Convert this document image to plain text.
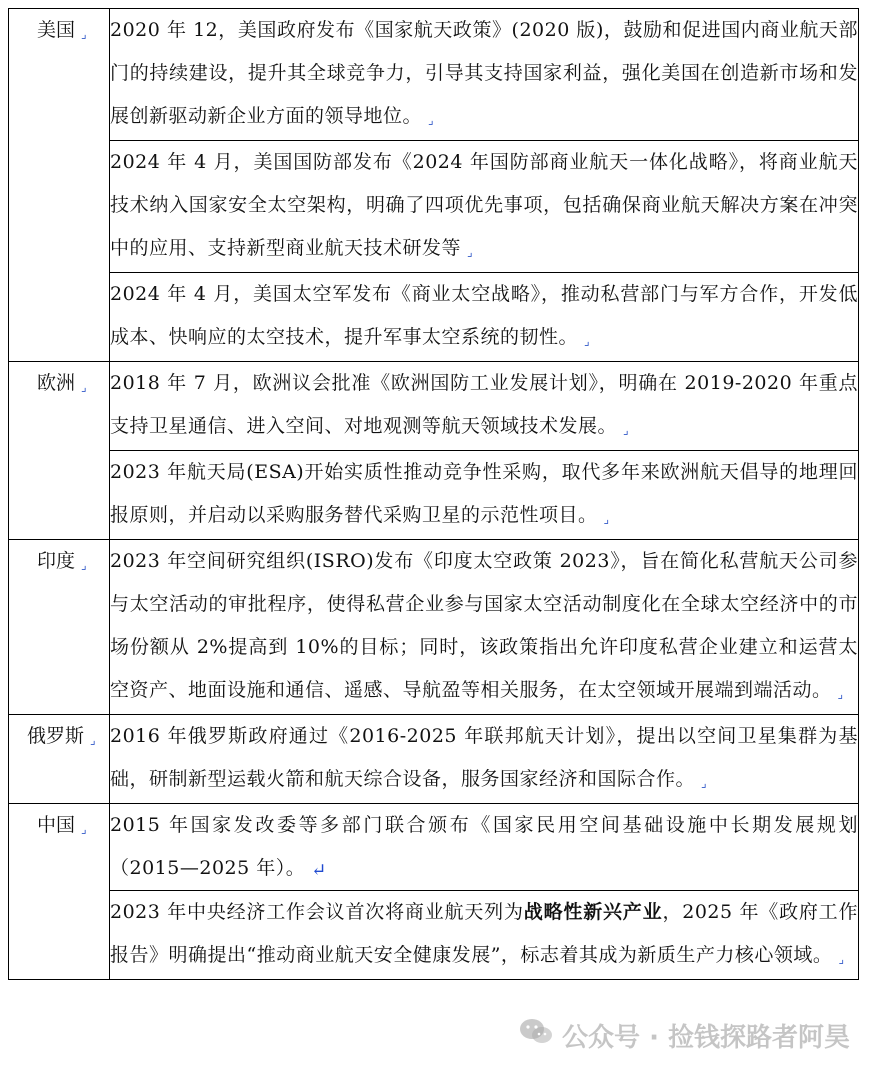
美国 ⌟	2020 年 12，美国政府发布《国家航天政策》(2020 版)，鼓励和促进国内商业航天部门的持续建设，提升其全球竞争力，引导其支持国家利益，强化美国在创造新市场和发展创新驱动新企业方面的领导地位。 ⌟
	2024 年 4 月，美国国防部发布《2024 年国防部商业航天一体化战略》，将商业航天技术纳入国家安全太空架构，明确了四项优先事项，包括确保商业航天解决方案在冲突中的应用、支持新型商业航天技术研发等 ⌟
	2024 年 4 月，美国太空军发布《商业太空战略》，推动私营部门与军方合作，开发低成本、快响应的太空技术，提升军事太空系统的韧性。 ⌟

欧洲 ⌟	2018 年 7 月，欧洲议会批准《欧洲国防工业发展计划》，明确在 2019-2020 年重点支持卫星通信、进入空间、对地观测等航天领域技术发展。 ⌟
	2023 年航天局(ESA)开始实质性推动竞争性采购，取代多年来欧洲航天倡导的地理回报原则，并启动以采购服务替代采购卫星的示范性项目。 ⌟

印度 ⌟	2023 年空间研究组织(ISRO)发布《印度太空政策 2023》，旨在简化私营航天公司参与太空活动的审批程序，使得私营企业参与国家太空活动制度化在全球太空经济中的市场份额从 2%提高到 10%的目标；同时，该政策指出允许印度私营企业建立和运营太空资产、地面设施和通信、遥感、导航盈等相关服务，在太空领域开展端到端活动。 ⌟

俄罗斯 ⌟	2016 年俄罗斯政府通过《2016-2025 年联邦航天计划》，提出以空间卫星集群为基础，研制新型运载火箭和航天综合设备，服务国家经济和国际合作。 ⌟

中国 ⌟	2015 年国家发改委等多部门联合颁布《国家民用空间基础设施中长期发展规划（2015—2025 年）。 ↵
	2023 年中央经济工作会议首次将商业航天列为战略性新兴产业，2025 年《政府工作报告》明确提出“推动商业航天安全健康发展”，标志着其成为新质生产力核心领域。 ⌟
公众号 · 捡钱探路者阿昊
